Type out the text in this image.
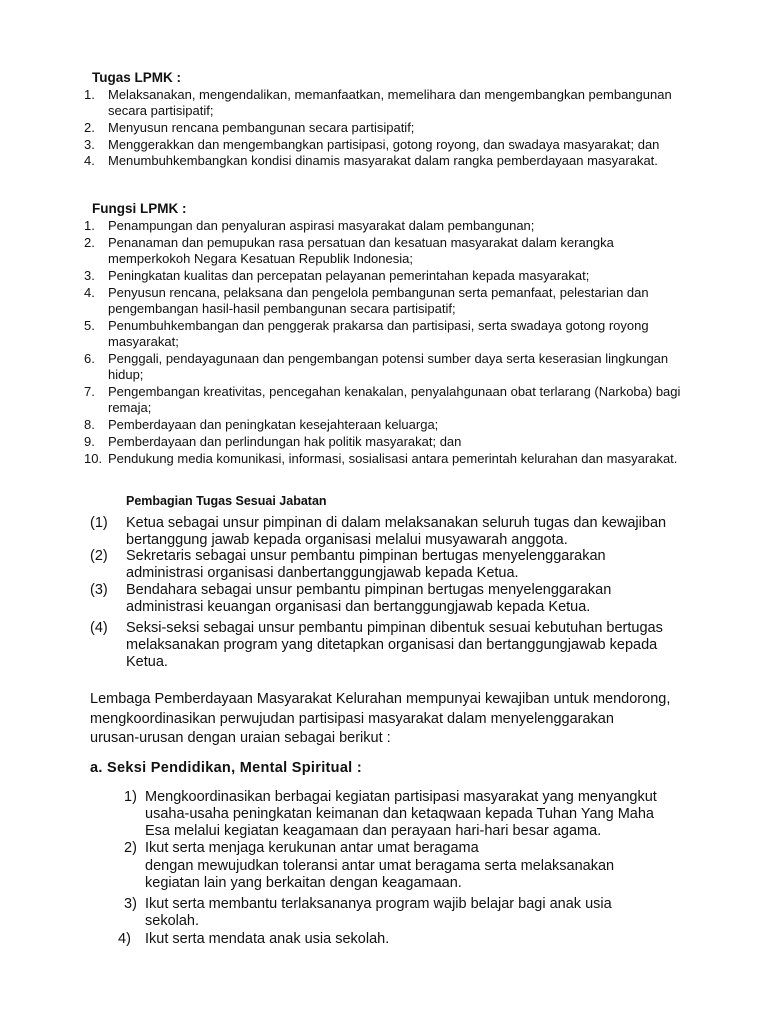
Tugas LPMK :
1. Melaksanakan, mengendalikan, memanfaatkan, memelihara dan mengembangkan pembangunan
secara partisipatif;
2. Menyusun rencana pembangunan secara partisipatif;
3. Menggerakkan dan mengembangkan partisipasi, gotong royong, dan swadaya masyarakat; dan
4. Menumbuhkembangkan kondisi dinamis masyarakat dalam rangka pemberdayaan masyarakat.
Fungsi LPMK :
1. Penampungan dan penyaluran aspirasi masyarakat dalam pembangunan;
2. Penanaman dan pemupukan rasa persatuan dan kesatuan masyarakat dalam kerangka
memperkokoh Negara Kesatuan Republik Indonesia;
3. Peningkatan kualitas dan percepatan pelayanan pemerintahan kepada masyarakat;
4. Penyusun rencana, pelaksana dan pengelola pembangunan serta pemanfaat, pelestarian dan
pengembangan hasil-hasil pembangunan secara partisipatif;
5. Penumbuhkembangan dan penggerak prakarsa dan partisipasi, serta swadaya gotong royong
masyarakat;
6. Penggali, pendayagunaan dan pengembangan potensi sumber daya serta keserasian lingkungan
hidup;
7. Pengembangan kreativitas, pencegahan kenakalan, penyalahgunaan obat terlarang (Narkoba) bagi
remaja;
8. Pemberdayaan dan peningkatan kesejahteraan keluarga;
9. Pemberdayaan dan perlindungan hak politik masyarakat; dan
10. Pendukung media komunikasi, informasi, sosialisasi antara pemerintah kelurahan dan masyarakat.
Pembagian Tugas Sesuai Jabatan
(1) Ketua sebagai unsur pimpinan di dalam melaksanakan seluruh tugas dan kewajiban
bertanggung jawab kepada organisasi melalui musyawarah anggota.
(2) Sekretaris sebagai unsur pembantu pimpinan bertugas menyelenggarakan
administrasi organisasi danbertanggungjawab kepada Ketua.
(3) Bendahara sebagai unsur pembantu pimpinan bertugas menyelenggarakan
administrasi keuangan organisasi dan bertanggungjawab kepada Ketua.
(4) Seksi-seksi sebagai unsur pembantu pimpinan dibentuk sesuai kebutuhan bertugas
melaksanakan program yang ditetapkan organisasi dan bertanggungjawab kepada
Ketua.
Lembaga Pemberdayaan Masyarakat Kelurahan mempunyai kewajiban untuk mendorong,
mengkoordinasikan perwujudan partisipasi masyarakat dalam menyelenggarakan
urusan-urusan dengan uraian sebagai berikut :
a. Seksi Pendidikan, Mental Spiritual :
1) Mengkoordinasikan berbagai kegiatan partisipasi masyarakat yang menyangkut
usaha-usaha peningkatan keimanan dan ketaqwaan kepada Tuhan Yang Maha
Esa melalui kegiatan keagamaan dan perayaan hari-hari besar agama.
2) Ikut serta menjaga kerukunan antar umat beragama
dengan mewujudkan toleransi antar umat beragama serta melaksanakan
kegiatan lain yang berkaitan dengan keagamaan.
3) Ikut serta membantu terlaksananya program wajib belajar bagi anak usia
sekolah.
4) Ikut serta mendata anak usia sekolah.
